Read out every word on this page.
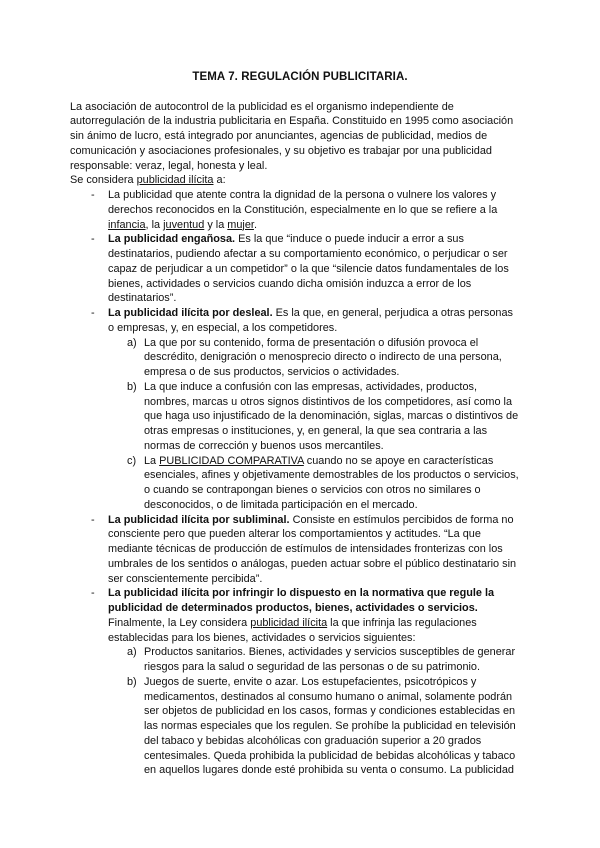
TEMA 7. REGULACIÓN PUBLICITARIA.
La asociación de autocontrol de la publicidad es el organismo independiente de
autorregulación de la industria publicitaria en España. Constituido en 1995 como asociación
sin ánimo de lucro, está integrado por anunciantes, agencias de publicidad, medios de
comunicación y asociaciones profesionales, y su objetivo es trabajar por una publicidad
responsable: veraz, legal, honesta y leal.
Se considera publicidad ilícita a:
- La publicidad que atente contra la dignidad de la persona o vulnere los valores y
derechos reconocidos en la Constitución, especialmente en lo que se refiere a la
infancia, la juventud y la mujer.
- La publicidad engañosa. Es la que “induce o puede inducir a error a sus
destinatarios, pudiendo afectar a su comportamiento económico, o perjudicar o ser
capaz de perjudicar a un competidor” o la que “silencie datos fundamentales de los
bienes, actividades o servicios cuando dicha omisión induzca a error de los
destinatarios”.
- La publicidad ilícita por desleal. Es la que, en general, perjudica a otras personas
o empresas, y, en especial, a los competidores.
a) La que por su contenido, forma de presentación o difusión provoca el
descrédito, denigración o menosprecio directo o indirecto de una persona,
empresa o de sus productos, servicios o actividades.
b) La que induce a confusión con las empresas, actividades, productos,
nombres, marcas u otros signos distintivos de los competidores, así como la
que haga uso injustificado de la denominación, siglas, marcas o distintivos de
otras empresas o instituciones, y, en general, la que sea contraria a las
normas de corrección y buenos usos mercantiles.
c) La PUBLICIDAD COMPARATIVA cuando no se apoye en características
esenciales, afines y objetivamente demostrables de los productos o servicios,
o cuando se contrapongan bienes o servicios con otros no similares o
desconocidos, o de limitada participación en el mercado.
- La publicidad ilícita por subliminal. Consiste en estímulos percibidos de forma no
consciente pero que pueden alterar los comportamientos y actitudes. “La que
mediante técnicas de producción de estímulos de intensidades fronterizas con los
umbrales de los sentidos o análogas, pueden actuar sobre el público destinatario sin
ser conscientemente percibida”.
- La publicidad ilícita por infringir lo dispuesto en la normativa que regule la
publicidad de determinados productos, bienes, actividades o servicios.
Finalmente, la Ley considera publicidad ilícita la que infrinja las regulaciones
establecidas para los bienes, actividades o servicios siguientes:
a) Productos sanitarios. Bienes, actividades y servicios susceptibles de generar
riesgos para la salud o seguridad de las personas o de su patrimonio.
b) Juegos de suerte, envite o azar. Los estupefacientes, psicotrópicos y
medicamentos, destinados al consumo humano o animal, solamente podrán
ser objetos de publicidad en los casos, formas y condiciones establecidas en
las normas especiales que los regulen. Se prohíbe la publicidad en televisión
del tabaco y bebidas alcohólicas con graduación superior a 20 grados
centesimales. Queda prohibida la publicidad de bebidas alcohólicas y tabaco
en aquellos lugares donde esté prohibida su venta o consumo. La publicidad
